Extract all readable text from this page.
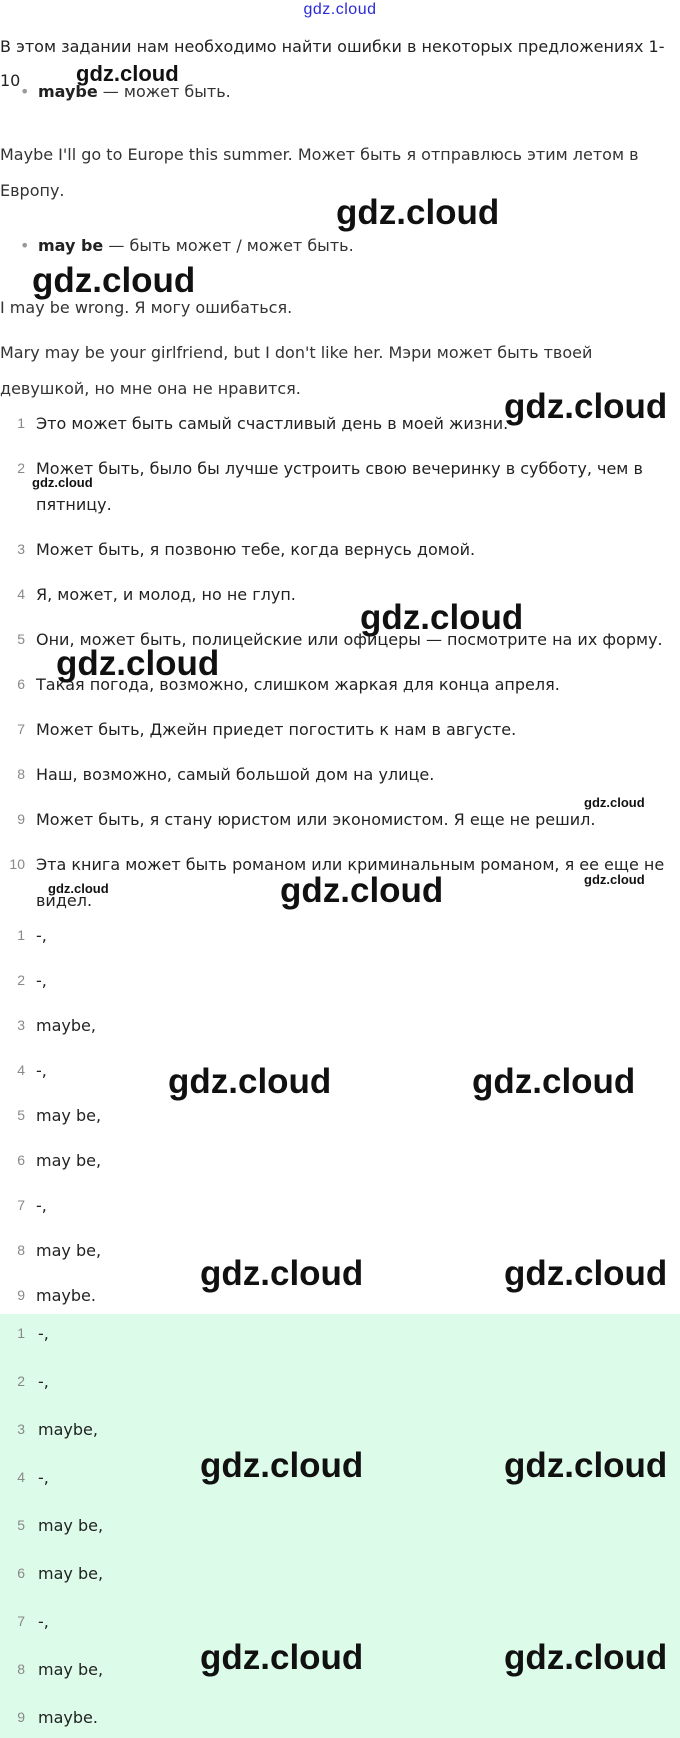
gdz.cloud
В этом задании нам необходимо найти ошибки в некоторых предложениях 1-10
• maybe — может быть.
Maybe I'll go to Europe this summer. Может быть я отправлюсь этим летом в Европу.
• may be — быть может / может быть.
I may be wrong. Я могу ошибаться.
Mary may be your girlfriend, but I don't like her. Мэри может быть твоей девушкой, но мне она не нравится.
1 Это может быть самый счастливый день в моей жизни.
2 Может быть, было бы лучше устроить свою вечеринку в субботу, чем в пятницу.
3 Может быть, я позвоню тебе, когда вернусь домой.
4 Я, может, и молод, но не глуп.
5 Они, может быть, полицейские или офицеры — посмотрите на их форму.
6 Такая погода, возможно, слишком жаркая для конца апреля.
7 Может быть, Джейн приедет погостить к нам в августе.
8 Наш, возможно, самый большой дом на улице.
9 Может быть, я стану юристом или экономистом. Я еще не решил.
10 Эта книга может быть романом или криминальным романом, я ее еще не видел.
1 -,
2 -,
3 maybe,
4 -,
5 may be,
6 may be,
7 -,
8 may be,
9 maybe.
1 -,
2 -,
3 maybe,
4 -,
5 may be,
6 may be,
7 -,
8 may be,
9 maybe.
gdz.cloud
gdz.cloud
gdz.cloud
gdz.cloud
gdz.cloud
gdz.cloud
gdz.cloud
gdz.cloud
gdz.cloud	gdz.cloud	gdz.cloud
gdz.cloud	gdz.cloud
gdz.cloud	gdz.cloud
gdz.cloud	gdz.cloud
gdz.cloud	gdz.cloud
